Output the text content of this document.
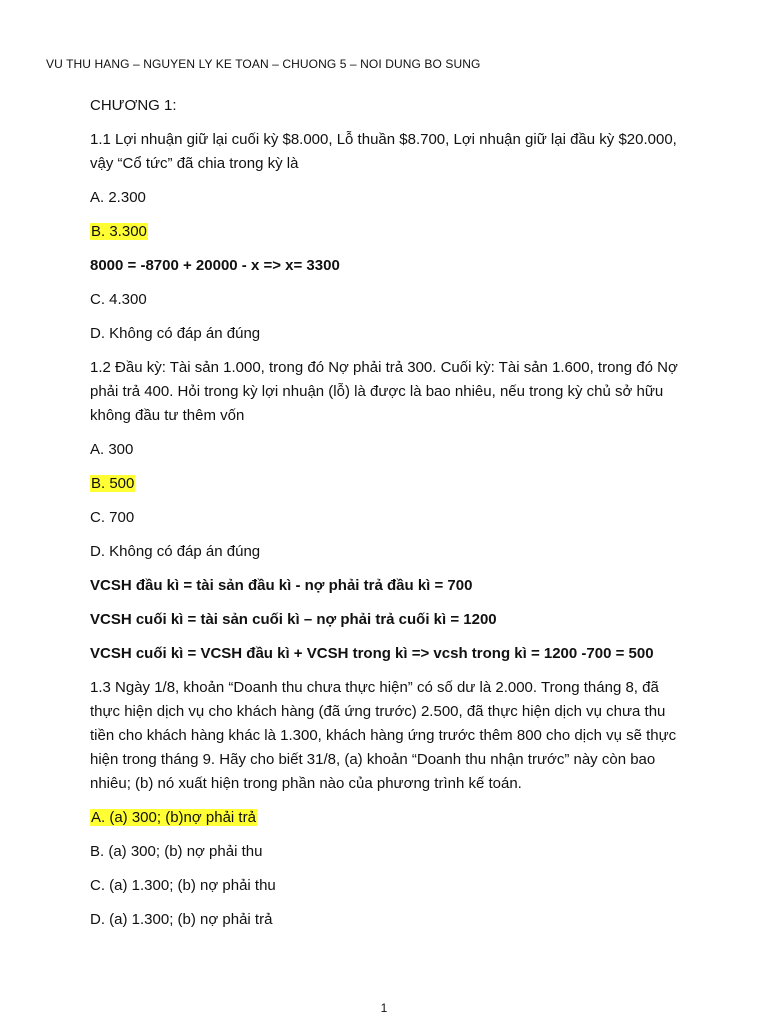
VU THU HANG – NGUYEN LY KE TOAN – CHUONG 5 – NOI DUNG BO SUNG

CHƯƠNG 1:

1.1 Lợi nhuận giữ lại cuối kỳ $8.000, Lỗ thuần $8.700, Lợi nhuận giữ lại đầu kỳ $20.000, vậy “Cổ tức” đã chia trong kỳ là

A. 2.300

B. 3.300

8000 = -8700 + 20000 - x => x= 3300

C. 4.300

D. Không có đáp án đúng

1.2 Đầu kỳ: Tài sản 1.000, trong đó Nợ phải trả 300. Cuối kỳ: Tài sản 1.600, trong đó Nợ phải trả 400. Hỏi trong kỳ lợi nhuận (lỗ) là được là bao nhiêu, nếu trong kỳ chủ sở hữu không đầu tư thêm vốn

A. 300

B. 500

C. 700

D. Không có đáp án đúng

VCSH đầu kì = tài sản đầu kì - nợ phải trả đầu kì = 700

VCSH cuối kì = tài sản cuối kì – nợ phải trả cuối kì = 1200

VCSH cuối kì = VCSH đầu kì + VCSH trong kì => vcsh trong kì = 1200 -700 = 500

1.3 Ngày 1/8, khoản “Doanh thu chưa thực hiện” có số dư là 2.000. Trong tháng 8, đã thực hiện dịch vụ cho khách hàng (đã ứng trước) 2.500, đã thực hiện dịch vụ chưa thu tiền cho khách hàng khác là 1.300, khách hàng ứng trước thêm 800 cho dịch vụ sẽ thực hiện trong tháng 9. Hãy cho biết 31/8, (a) khoản “Doanh thu nhận trước” này còn bao nhiêu; (b) nó xuất hiện trong phần nào của phương trình kế toán.

A. (a) 300; (b)nợ phải trả

B. (a) 300; (b) nợ phải thu

C. (a) 1.300; (b) nợ phải thu

D. (a) 1.300; (b) nợ phải trả

1
